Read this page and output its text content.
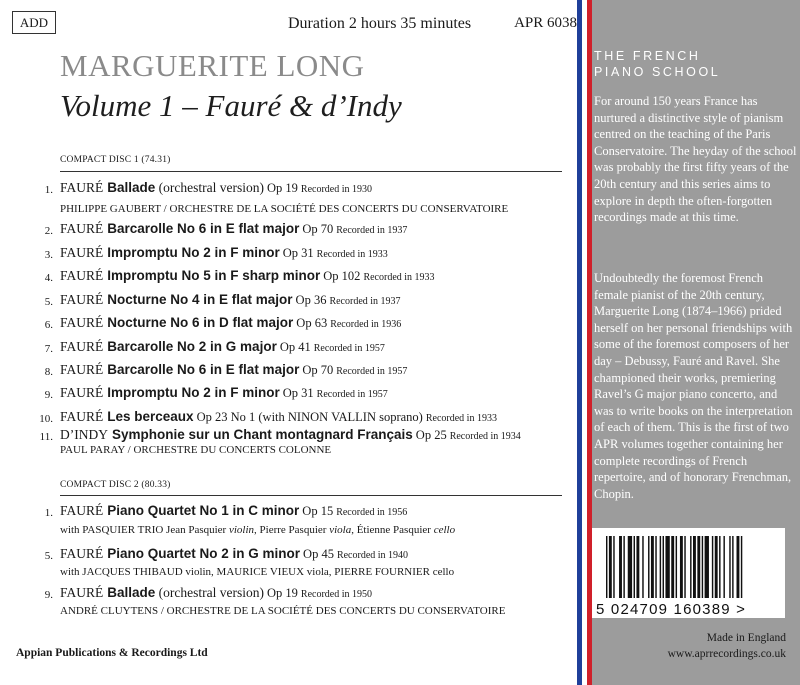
ADD	Duration 2 hours 35 minutes	APR 6038
MARGUERITE LONG
Volume 1 – Fauré & d’Indy
COMPACT DISC 1 (74.31)
1. FAURÉ Ballade (orchestral version) Op 19 Recorded in 1930
2. FAURÉ Barcarolle No 6 in E flat major Op 70 Recorded in 1937
3. FAURÉ Impromptu No 2 in F minor Op 31 Recorded in 1933
4. FAURÉ Impromptu No 5 in F sharp minor Op 102 Recorded in 1933
5. FAURÉ Nocturne No 4 in E flat major Op 36 Recorded in 1937
6. FAURÉ Nocturne No 6 in D flat major Op 63 Recorded in 1936
7. FAURÉ Barcarolle No 2 in G major Op 41 Recorded in 1957
8. FAURÉ Barcarolle No 6 in E flat major Op 70 Recorded in 1957
9. FAURÉ Impromptu No 2 in F minor Op 31 Recorded in 1957
10. FAURÉ Les berceaux Op 23 No 1 (with NINON VALLIN soprano) Recorded in 1933
11. D’INDY Symphonie sur un Chant montagnard Français Op 25 Recorded in 1934
PHILIPPE GAUBERT / ORCHESTRE DE LA SOCIÉTÉ DES CONCERTS DU CONSERVATOIRE
PAUL PARAY / ORCHESTRE DU CONCERTS COLONNE
COMPACT DISC 2 (80.33)
1. FAURÉ Piano Quartet No 1 in C minor Op 15 Recorded in 1956
5. FAURÉ Piano Quartet No 2 in G minor Op 45 Recorded in 1940
9. FAURÉ Ballade (orchestral version) Op 19 Recorded in 1950
with PASQUIER TRIO Jean Pasquier violin, Pierre Pasquier viola, Étienne Pasquier cello
with JACQUES THIBAUD violin, MAURICE VIEUX viola, PIERRE FOURNIER cello
ANDRÉ CLUYTENS / ORCHESTRE DE LA SOCIÉTÉ DES CONCERTS DU CONSERVATOIRE
Appian Publications & Recordings Ltd
THE FRENCH
PIANO SCHOOL
For around 150 years France has nurtured a distinctive style of pianism centred on the teaching of the Paris Conservatoire. The heyday of the school was probably the first fifty years of the 20th century and this series aims to explore in depth the often-forgotten recordings made at this time.
Undoubtedly the foremost French female pianist of the 20th century, Marguerite Long (1874–1966) prided herself on her personal friendships with some of the foremost composers of her day – Debussy, Fauré and Ravel. She championed their works, premiering Ravel’s G major piano concerto, and was to write books on the interpretation of each of them. This is the first of two APR volumes together containing her complete recordings of French repertoire, and of honorary Frenchman, Chopin.
5 024709 160389 >
Made in England
www.aprrecordings.co.uk
